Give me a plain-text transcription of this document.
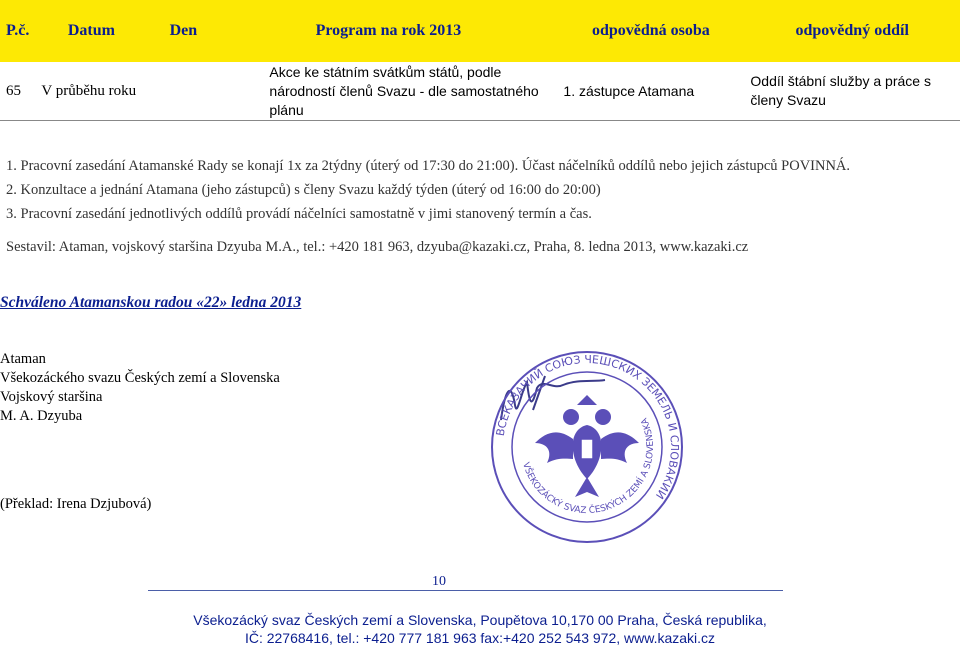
P.č.	Datum	Den	Program na rok 2013	odpovědná osoba	odpovědný oddíl
65	V průběhu roku		Akce ke státním svátkům států, podle národností členů Svazu - dle samostatného plánu	1. zástupce Atamana	Oddíl štábní služby a práce s členy Svazu
1. Pracovní zasedání Atamanské Rady se konají 1x za 2týdny (úterý od 17:30 do 21:00). Účast náčelníků oddílů nebo jejich zástupců POVINNÁ.
2. Konzultace a jednání Atamana (jeho zástupců) s členy Svazu každý týden (úterý od 16:00 do 20:00)
3. Pracovní zasedání jednotlivých oddílů provádí náčelníci samostatně v jimi stanovený termín a čas.
Sestavil: Ataman, vojskový staršina Dzyuba M.A., tel.: +420 181 963, dzyuba@kazaki.cz, Praha, 8. ledna 2013, www.kazaki.cz
Schváleno Atamanskou radou «22» ledna 2013
Ataman
Všekozáckého svazu Českých zemí a Slovenska
Vojskový staršina
M. A. Dzyuba
(Překlad: Irena Dzjubová)
ВСЕКАЗАЧИЙ СОЮЗ ЧЕШСКИХ ЗЕМЕЛЬ И СЛОВАКИИ
VŠEKOZÁCKÝ SVAZ ČESKÝCH ZEMÍ A SLOVENSKA
10
Všekozácký svaz Českých zemí a Slovenska, Poupětova 10,170 00 Praha, Česká republika,
IČ: 22768416, tel.: +420 777 181 963 fax:+420 252 543 972, www.kazaki.cz
